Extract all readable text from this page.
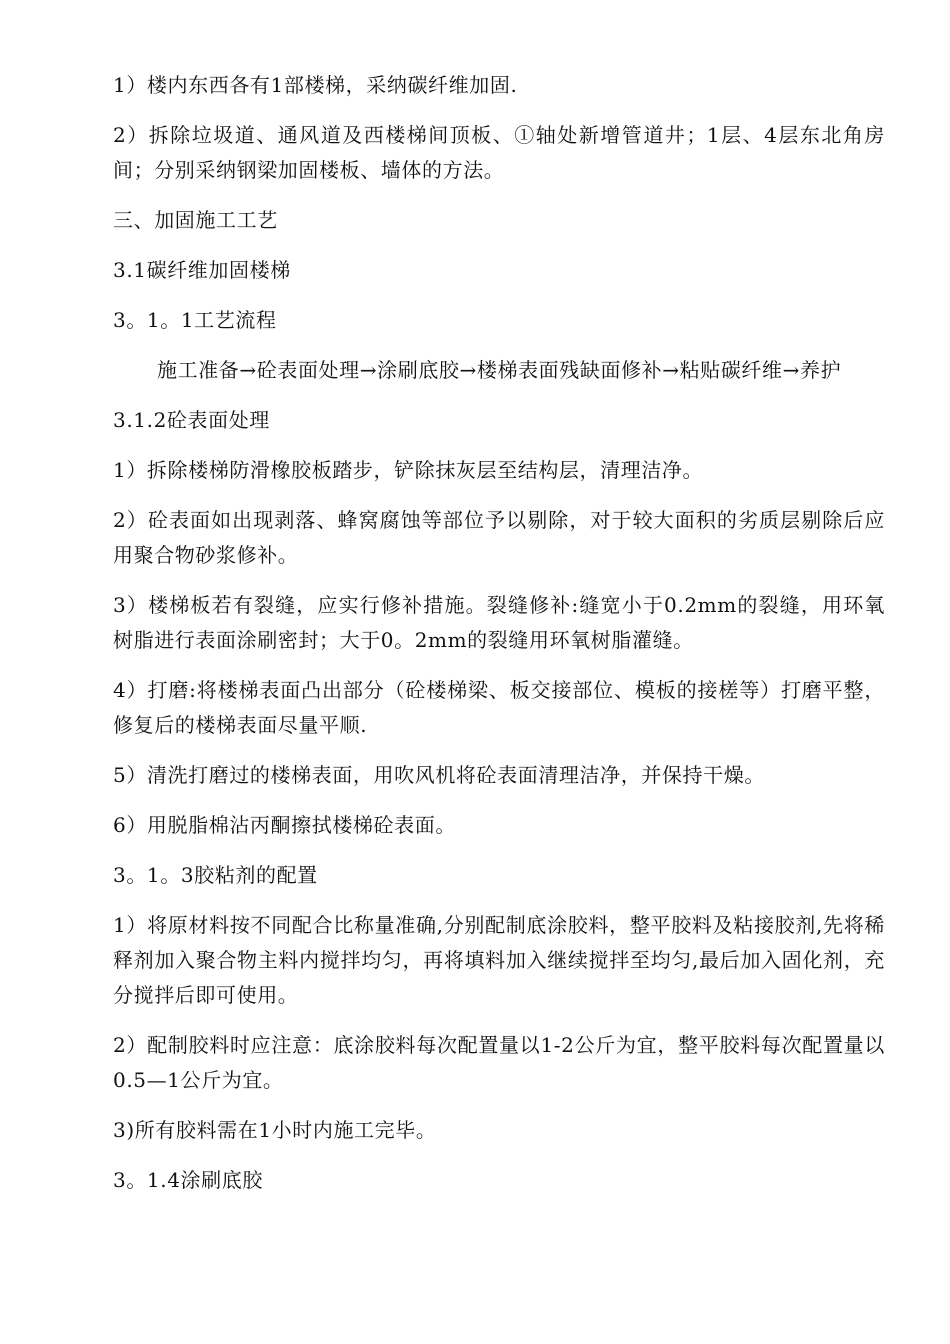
1）楼内东西各有1部楼梯，采纳碳纤维加固.

2）拆除垃圾道、通风道及西楼梯间顶板、①轴处新增管道井；1层、4层东北角房间；分别采纳钢梁加固楼板、墙体的方法。

三、加固施工工艺

3.1碳纤维加固楼梯

3。1。1工艺流程

施工准备→砼表面处理→涂刷底胶→楼梯表面残缺面修补→粘贴碳纤维→养护

3.1.2砼表面处理

1）拆除楼梯防滑橡胶板踏步，铲除抹灰层至结构层，清理洁净。

2）砼表面如出现剥落、蜂窝腐蚀等部位予以剔除，对于较大面积的劣质层剔除后应用聚合物砂浆修补。

3）楼梯板若有裂缝，应实行修补措施。裂缝修补:缝宽小于0.2mm的裂缝，用环氧树脂进行表面涂刷密封；大于0。2mm的裂缝用环氧树脂灌缝。

4）打磨:将楼梯表面凸出部分（砼楼梯梁、板交接部位、模板的接槎等）打磨平整，修复后的楼梯表面尽量平顺.

5）清洗打磨过的楼梯表面，用吹风机将砼表面清理洁净，并保持干燥。

6）用脱脂棉沾丙酮擦拭楼梯砼表面。

3。1。3胶粘剂的配置

1）将原材料按不同配合比称量准确,分别配制底涂胶料，整平胶料及粘接胶剂,先将稀释剂加入聚合物主料内搅拌均匀，再将填料加入继续搅拌至均匀,最后加入固化剂，充分搅拌后即可使用。

2）配制胶料时应注意：底涂胶料每次配置量以1-2公斤为宜，整平胶料每次配置量以0.5—1公斤为宜。

3)所有胶料需在1小时内施工完毕。

3。1.4涂刷底胶
